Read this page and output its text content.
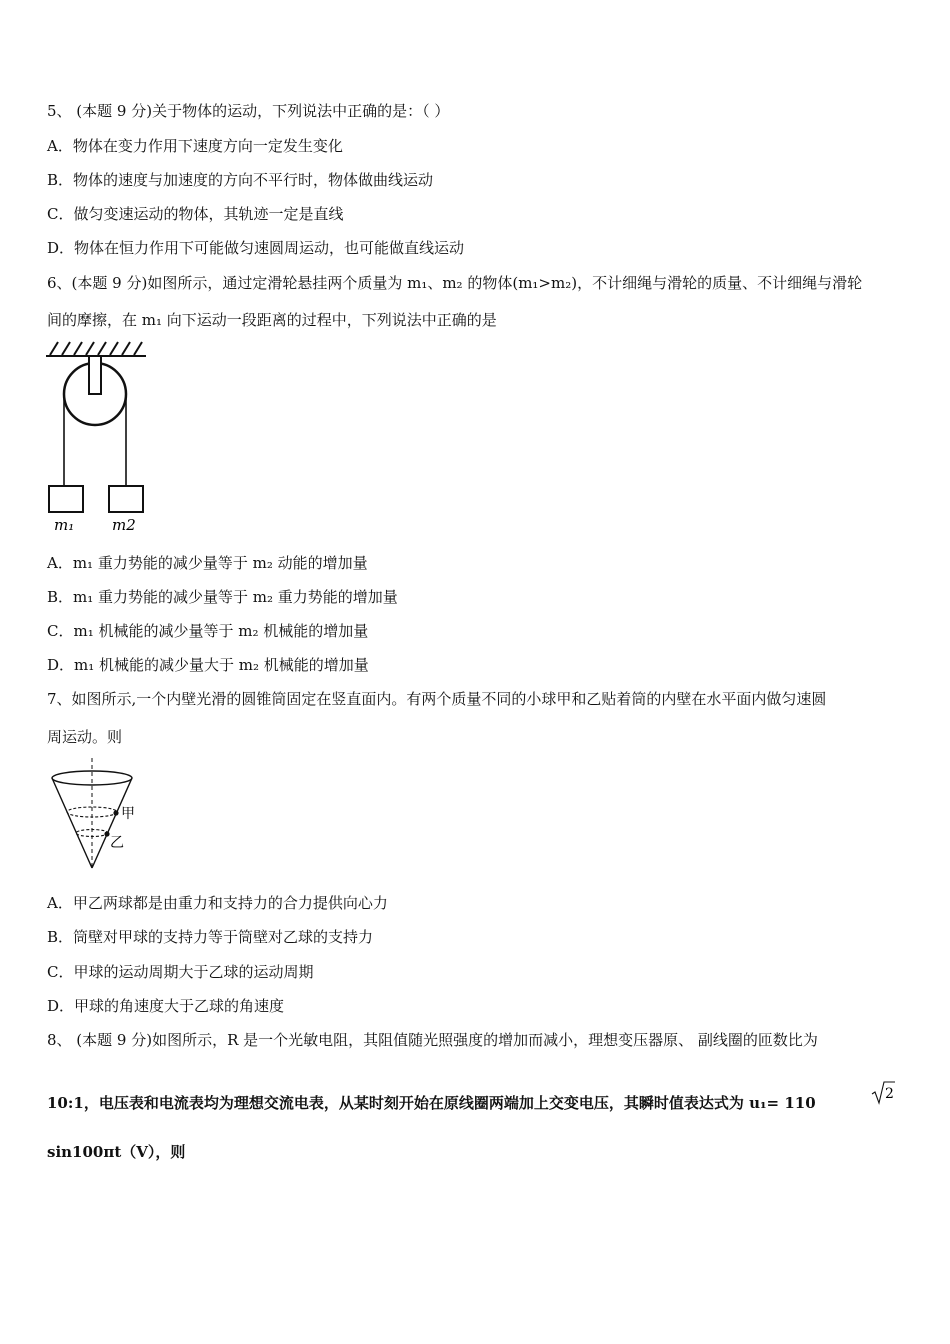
5、 (本题 9 分)关于物体的运动，下列说法中正确的是：（ ）
A．物体在变力作用下速度方向一定发生变化
B．物体的速度与加速度的方向不平行时，物体做曲线运动
C．做匀变速运动的物体，其轨迹一定是直线
D．物体在恒力作用下可能做匀速圆周运动，也可能做直线运动
6、(本题 9 分)如图所示，通过定滑轮悬挂两个质量为 m₁、m₂ 的物体(m₁>m₂)，不计细绳与滑轮的质量、不计细绳与滑轮
间的摩擦，在 m₁ 向下运动一段距离的过程中，下列说法中正确的是
m₁	m2
A．m₁ 重力势能的减少量等于 m₂ 动能的增加量
B．m₁ 重力势能的减少量等于 m₂ 重力势能的增加量
C．m₁ 机械能的减少量等于 m₂ 机械能的增加量
D．m₁ 机械能的减少量大于 m₂ 机械能的增加量
7、如图所示,一个内壁光滑的圆锥筒固定在竖直面内。有两个质量不同的小球甲和乙贴着筒的内壁在水平面内做匀速圆
周运动。则
甲
乙
A．甲乙两球都是由重力和支持力的合力提供向心力
B．筒壁对甲球的支持力等于筒壁对乙球的支持力
C．甲球的运动周期大于乙球的运动周期
D．甲球的角速度大于乙球的角速度
8、 (本题 9 分)如图所示，R 是一个光敏电阻，其阻值随光照强度的增加而减小，理想变压器原、 副线圈的匝数比为
10:1，电压表和电流表均为理想交流电表，从某时刻开始在原线圈两端加上交变电压，其瞬时值表达式为 u₁= 110	2
sin100πt（V），则
